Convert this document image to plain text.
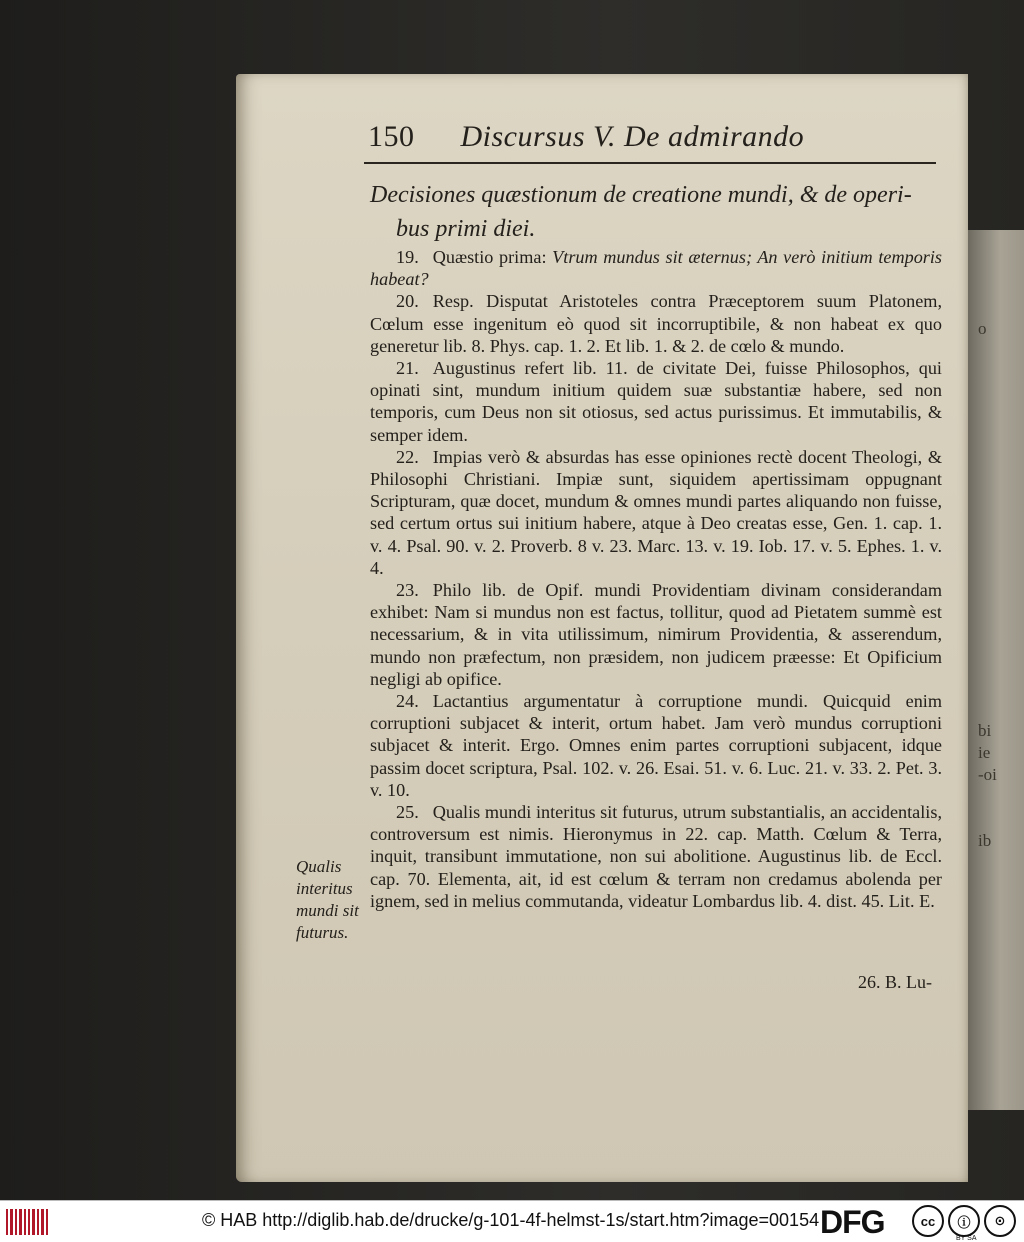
bi
ie
-oi
o
ib
150 Discursus V. De admirando
Decisiones quæstionum de creatione mundi, & de operi-
bus primi diei.

19. Quæstio prima: Vtrum mundus sit æternus; An verò initium temporis habeat?

20. Resp. Disputat Aristoteles contra Præceptorem suum Platonem, Cœlum esse ingenitum eò quod sit incorruptibile, & non habeat ex quo generetur lib. 8. Phys. cap. 1. 2. Et lib. 1. & 2. de cœlo & mundo.

21. Augustinus refert lib. 11. de civitate Dei, fuisse Philosophos, qui opinati sint, mundum initium quidem suæ substantiæ habere, sed non temporis, cum Deus non sit otiosus, sed actus purissimus. Et immutabilis, & semper idem.

22. Impias verò & absurdas has esse opiniones rectè docent Theologi, & Philosophi Christiani. Impiæ sunt, siquidem apertissimam oppugnant Scripturam, quæ docet, mundum & omnes mundi partes aliquando non fuisse, sed certum ortus sui initium habere, atque à Deo creatas esse, Gen. 1. cap. 1. v. 4. Psal. 90. v. 2. Proverb. 8 v. 23. Marc. 13. v. 19. Iob. 17. v. 5. Ephes. 1. v. 4.

23. Philo lib. de Opif. mundi Providentiam divinam considerandam exhibet: Nam si mundus non est factus, tollitur, quod ad Pietatem summè est necessarium, & in vita utilissimum, nimirum Providentia, & asserendum, mundo non præfectum, non præsidem, non judicem præesse: Et Opificium negligi ab opifice.

24. Lactantius argumentatur à corruptione mundi. Quicquid enim corruptioni subjacet & interit, ortum habet. Jam verò mundus corruptioni subjacet & interit. Ergo. Omnes enim partes corruptioni subjacent, idque passim docet scriptura, Psal. 102. v. 26. Esai. 51. v. 6. Luc. 21. v. 33. 2. Pet. 3. v. 10.

25. Qualis mundi interitus sit futurus, utrum substantialis, an accidentalis, controversum est nimis. Hieronymus in 22. cap. Matth. Cœlum & Terra, inquit, transibunt immutatione, non sui abolitione. Augustinus lib. de Eccl. cap. 70. Elementa, ait, id est cœlum & terram non credamus abolenda per ignem, sed in melius commutanda, videatur Lombardus lib. 4. dist. 45. Lit. E.

Qualis interitus mundi sit futurus.
26. B. Lu-
© HAB http://diglib.hab.de/drucke/g-101-4f-helmst-1s/start.htm?image=00154 DFG	cc	ⓘ	⊙
BY SA
